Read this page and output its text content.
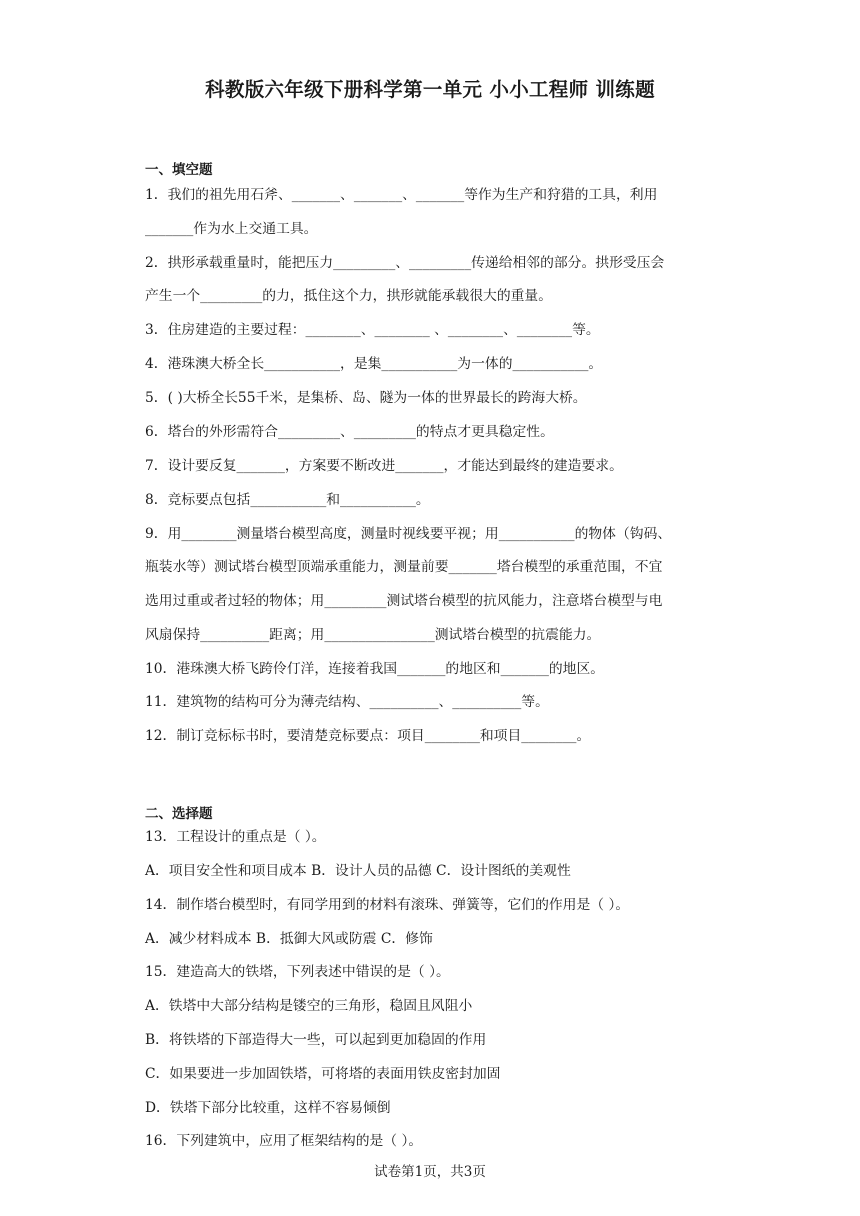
科教版六年级下册科学第一单元 小小工程师 训练题
一、填空题
1．我们的祖先用石斧、_______、_______、_______等作为生产和狩猎的工具，利用
_______作为水上交通工具。
2．拱形承载重量时，能把压力_________、_________传递给相邻的部分。拱形受压会
产生一个_________的力，抵住这个力，拱形就能承载很大的重量。
3．住房建造的主要过程：________、________ 、________、________等。
4．港珠澳大桥全长___________，是集___________为一体的___________。
5．( )大桥全长55千米，是集桥、岛、隧为一体的世界最长的跨海大桥。
6．塔台的外形需符合_________、_________的特点才更具稳定性。
7．设计要反复_______，方案要不断改进_______，才能达到最终的建造要求。
8．竞标要点包括___________和___________。
9．用________测量塔台模型高度，测量时视线要平视；用___________的物体（钩码、
瓶装水等）测试塔台模型顶端承重能力，测量前要_______塔台模型的承重范围，不宜
选用过重或者过轻的物体；用_________测试塔台模型的抗风能力，注意塔台模型与电
风扇保持__________距离；用________________测试塔台模型的抗震能力。
10．港珠澳大桥飞跨伶仃洋，连接着我国_______的地区和_______的地区。
11．建筑物的结构可分为薄壳结构、__________、__________等。
12．制订竞标标书时，要清楚竞标要点：项目________和项目________。
二、选择题
13．工程设计的重点是（ ）。
A．项目安全性和项目成本 B．设计人员的品德 C．设计图纸的美观性
14．制作塔台模型时，有同学用到的材料有滚珠、弹簧等，它们的作用是（ ）。
A．减少材料成本 B．抵御大风或防震 C．修饰
15．建造高大的铁塔，下列表述中错误的是（ ）。
A．铁塔中大部分结构是镂空的三角形，稳固且风阻小
B．将铁塔的下部造得大一些，可以起到更加稳固的作用
C．如果要进一步加固铁塔，可将塔的表面用铁皮密封加固
D．铁塔下部分比较重，这样不容易倾倒
16．下列建筑中，应用了框架结构的是（ ）。
试卷第1页，共3页
